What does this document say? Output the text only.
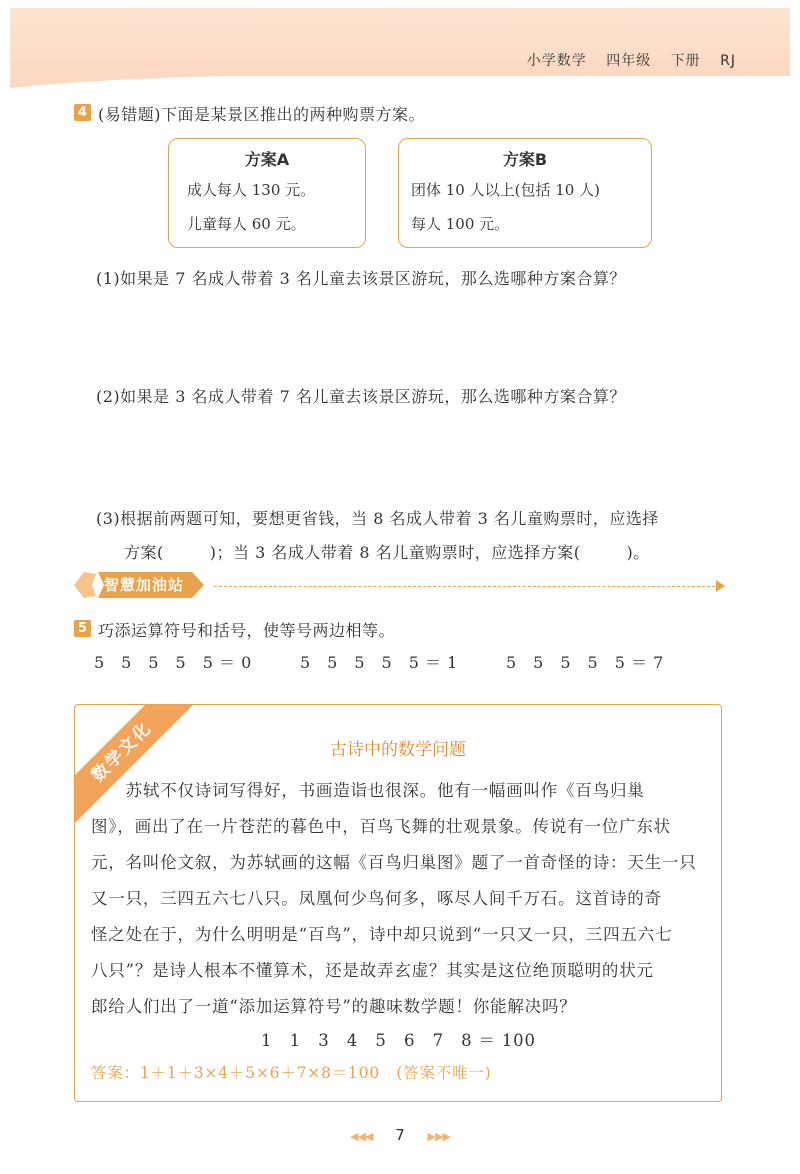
小学数学 四年级 下册 RJ
4 (易错题)下面是某景区推出的两种购票方案。
方案A
成人每人 130 元。
儿童每人 60 元。
方案B
团体 10 人以上(包括 10 人)
每人 100 元。
(1)如果是 7 名成人带着 3 名儿童去该景区游玩，那么选哪种方案合算？
(2)如果是 3 名成人带着 7 名儿童去该景区游玩，那么选哪种方案合算？
(3)根据前两题可知，要想更省钱，当 8 名成人带着 3 名儿童购票时，应选择
方案(	)；当 3 名成人带着 8 名儿童购票时，应选择方案(	)。
智慧加油站
5 巧添运算符号和括号，使等号两边相等。
5　5　5　5　5 ＝ 0	5　5　5　5　5 ＝ 1	5　5　5　5　5 ＝ 7
数学文化	古诗中的数学问题
　　苏轼不仅诗词写得好，书画造诣也很深。他有一幅画叫作《百鸟归巢
图》，画出了在一片苍茫的暮色中，百鸟飞舞的壮观景象。传说有一位广东状
元，名叫伦文叙，为苏轼画的这幅《百鸟归巢图》题了一首奇怪的诗：天生一只
又一只，三四五六七八只。凤凰何少鸟何多，啄尽人间千万石。这首诗的奇
怪之处在于，为什么明明是“百鸟”，诗中却只说到“一只又一只，三四五六七
八只”？是诗人根本不懂算术，还是故弄玄虚？其实是这位绝顶聪明的状元
郎给人们出了一道“添加运算符号”的趣味数学题！你能解决吗？
1　1　3　4　5　6　7　8 ＝ 100
答案：1＋1＋3×4＋5×6＋7×8＝100　(答案不唯一)
◀◀◀ 7 ▶▶▶
